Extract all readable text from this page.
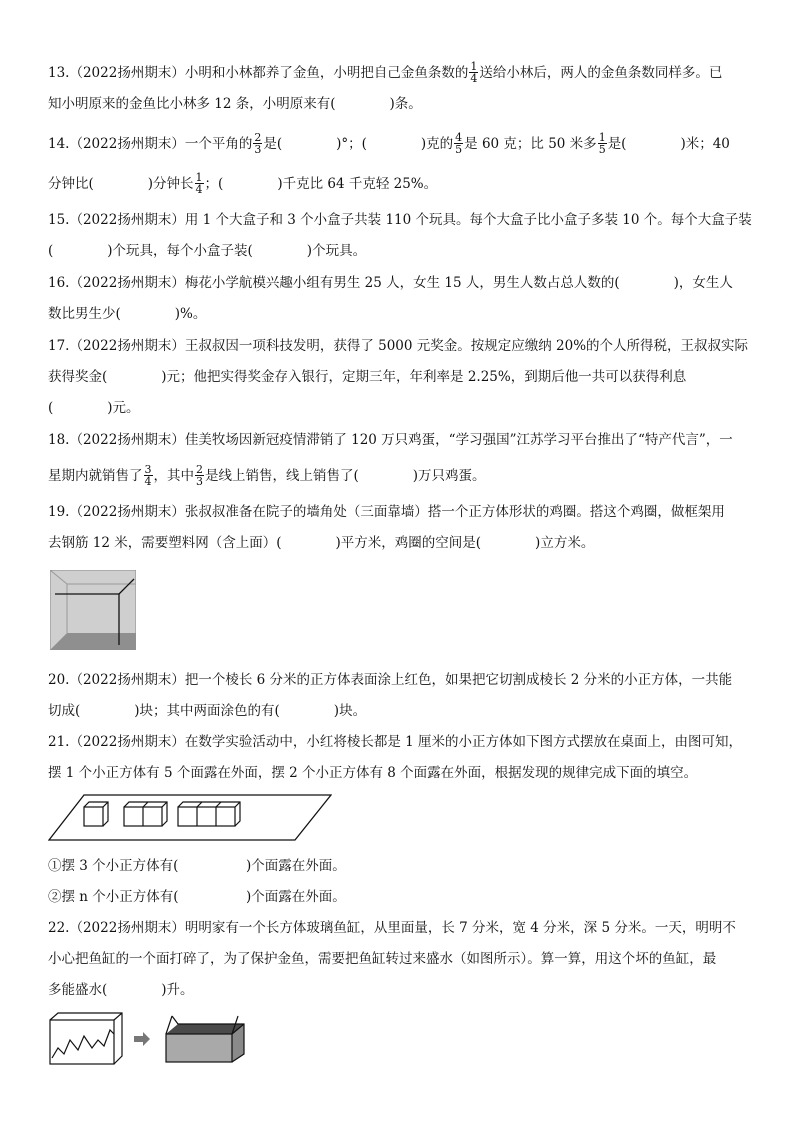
13.（2022扬州期末）小明和小林都养了金鱼，小明把自己金鱼条数的 $\frac{1}{4}$ 送给小林后，两人的金鱼条数同样多。已
知小明原来的金鱼比小林多 12 条，小明原来有(　　　　)条。
14.（2022扬州期末）一个平角的 $\frac{2}{3}$ 是(　　　　)°；(　　　　)克的 $\frac{4}{5}$ 是 60 克；比 50 米多 $\frac{1}{5}$ 是(　　　　)米；40
分钟比(　　　　)分钟长 $\frac{1}{4}$ ；(　　　　)千克比 64 千克轻 25%。
15.（2022扬州期末）用 1 个大盒子和 3 个小盒子共装 110 个玩具。每个大盒子比小盒子多装 10 个。每个大盒子装
(　　　　)个玩具，每个小盒子装(　　　　)个玩具。
16.（2022扬州期末）梅花小学航模兴趣小组有男生 25 人，女生 15 人，男生人数占总人数的(　　　　)，女生人
数比男生少(　　　　)%。
17.（2022扬州期末）王叔叔因一项科技发明，获得了 5000 元奖金。按规定应缴纳 20%的个人所得税，王叔叔实际
获得奖金(　　　　)元；他把实得奖金存入银行，定期三年，年利率是 2.25%，到期后他一共可以获得利息
(　　　　)元。
18.（2022扬州期末）佳美牧场因新冠疫情滞销了 120 万只鸡蛋，“学习强国”江苏学习平台推出了“特产代言”，一
星期内就销售了 $\frac{3}{4}$ ，其中 $\frac{2}{3}$ 是线上销售，线上销售了(　　　　)万只鸡蛋。
19.（2022扬州期末）张叔叔准备在院子的墙角处（三面靠墙）搭一个正方体形状的鸡圈。搭这个鸡圈，做框架用
去钢筋 12 米，需要塑料网（含上面）(　　　　)平方米，鸡圈的空间是(　　　　)立方米。
20.（2022扬州期末）把一个棱长 6 分米的正方体表面涂上红色，如果把它切割成棱长 2 分米的小正方体，一共能
切成(　　　　)块；其中两面涂色的有(　　　　)块。
21.（2022扬州期末）在数学实验活动中，小红将棱长都是 1 厘米的小正方体如下图方式摆放在桌面上，由图可知，
摆 1 个小正方体有 5 个面露在外面，摆 2 个小正方体有 8 个面露在外面，根据发现的规律完成下面的填空。
①摆 3 个小正方体有(　　　　　)个面露在外面。
②摆 n 个小正方体有(　　　　　)个面露在外面。
22.（2022扬州期末）明明家有一个长方体玻璃鱼缸，从里面量，长 7 分米，宽 4 分米，深 5 分米。一天，明明不
小心把鱼缸的一个面打碎了，为了保护金鱼，需要把鱼缸转过来盛水（如图所示）。算一算，用这个坏的鱼缸，最
多能盛水(　　　　)升。
